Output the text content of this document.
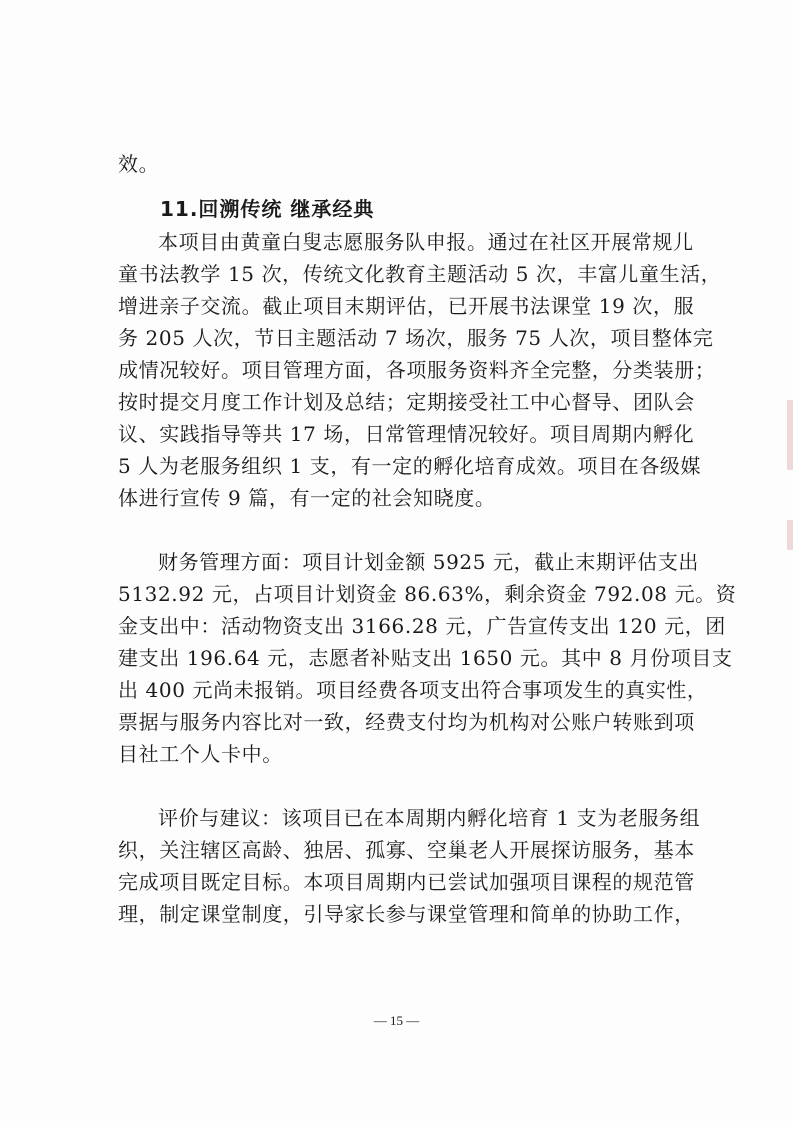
效。

11.回溯传统 继承经典

本项目由黄童白叟志愿服务队申报。通过在社区开展常规儿
童书法教学 15 次，传统文化教育主题活动 5 次，丰富儿童生活，
增进亲子交流。截止项目末期评估，已开展书法课堂 19 次，服
务 205 人次，节日主题活动 7 场次，服务 75 人次，项目整体完
成情况较好。项目管理方面，各项服务资料齐全完整，分类装册；
按时提交月度工作计划及总结；定期接受社工中心督导、团队会
议、实践指导等共 17 场，日常管理情况较好。项目周期内孵化
5 人为老服务组织 1 支，有一定的孵化培育成效。项目在各级媒
体进行宣传 9 篇，有一定的社会知晓度。

财务管理方面：项目计划金额 5925 元，截止末期评估支出
5132.92 元，占项目计划资金 86.63%，剩余资金 792.08 元。资
金支出中：活动物资支出 3166.28 元，广告宣传支出 120 元，团
建支出 196.64 元，志愿者补贴支出 1650 元。其中 8 月份项目支
出 400 元尚未报销。项目经费各项支出符合事项发生的真实性，
票据与服务内容比对一致，经费支付均为机构对公账户转账到项
目社工个人卡中。

评价与建议：该项目已在本周期内孵化培育 1 支为老服务组
织，关注辖区高龄、独居、孤寡、空巢老人开展探访服务，基本
完成项目既定目标。本项目周期内已尝试加强项目课程的规范管
理，制定课堂制度，引导家长参与课堂管理和简单的协助工作，

— 15 —
